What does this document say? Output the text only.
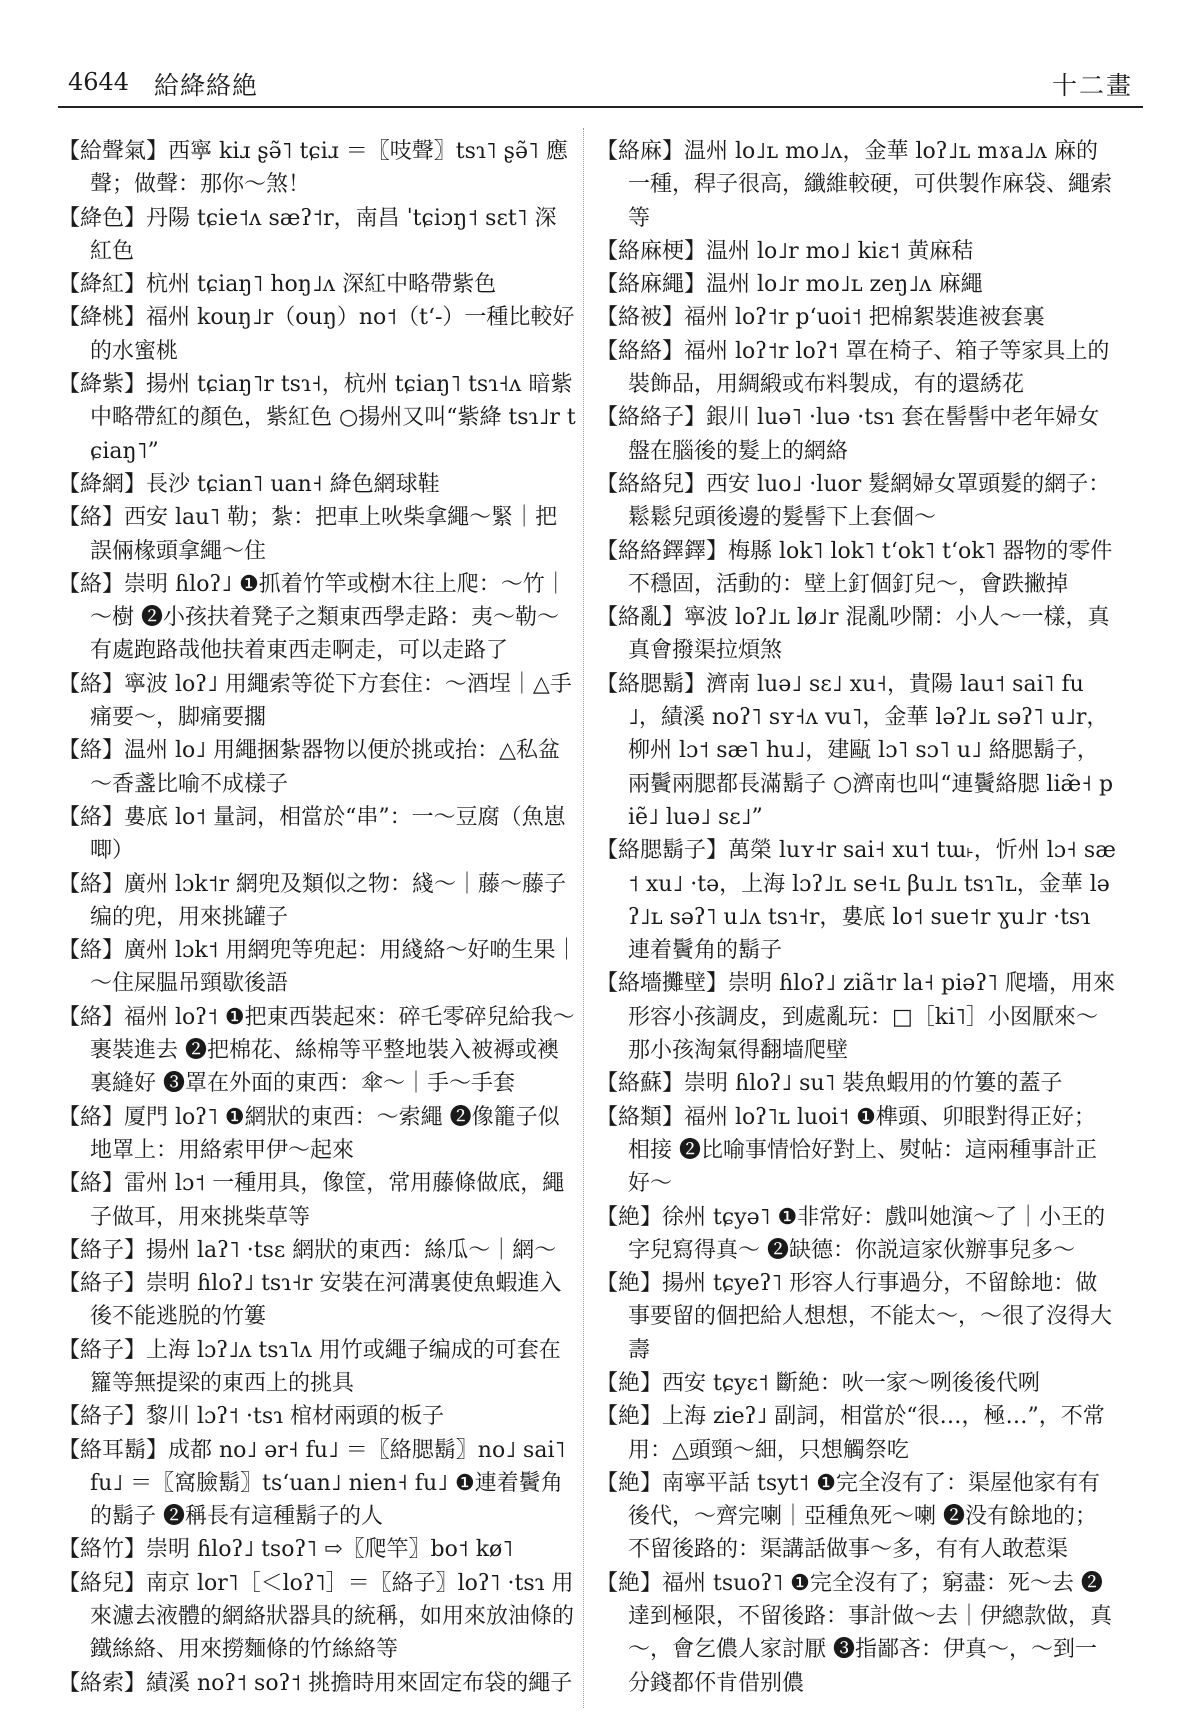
4644 給絳絡絶	十二畫

【給聲氣】西寧 kiɹ ʂə̃˥ tɕiɹ ＝〖吱聲〗tsɿ˥ ʂə̃˥ 應聲；做聲：那你～煞！

【絳色】丹陽 tɕie˦ʌ sæʔ˦r，南昌 ˈtɕiɔŋ˦ sɛt˥ 深紅色

【絳紅】杭州 tɕiaŋ˥ hoŋ˩ʌ 深紅中略帶紫色

【絳桃】福州 kouŋ˩r（ouŋ）no˦（tʻ-）一種比較好的水蜜桃

【絳紫】揚州 tɕiaŋ˥r tsɿ˧，杭州 tɕiaŋ˥ tsɿ˧ʌ 暗紫中略帶紅的顏色，紫紅色 ○揚州又叫“紫絳 tsɿ˩r tɕiaŋ˥”

【絳網】長沙 tɕian˥ uan˧ 絳色網球鞋

【絡】西安 lau˥ 勒；紮：把車上吙柴拿繩～緊｜把誤倆椽頭拿繩～住

【絡】崇明 ɦloʔ˩ ❶抓着竹竿或樹木往上爬：～竹｜～樹 ❷小孩扶着凳子之類東西學走路：夷～勒～有處跑路哉他扶着東西走啊走，可以走路了

【絡】寧波 loʔ˩ 用繩索等從下方套住：～酒埕｜△手痛要～，脚痛要擱

【絡】温州 lo˩ 用繩捆紮器物以便於挑或抬：△私盆～香盞比喻不成樣子

【絡】婁底 lo˦ 量詞，相當於“串”：一～豆腐（魚崽唧）

【絡】廣州 lɔk˦r 網兜及類似之物：綫～｜藤～藤子编的兜，用來挑罐子

【絡】廣州 lɔk˦ 用網兜等兜起：用綫絡～好啲生果｜～住屎腽吊頸歇後語

【絡】福州 loʔ˦ ❶把東西裝起來：碎乇零碎兒給我～裹裝進去 ❷把棉花、絲棉等平整地裝入被褥或襖裏縫好 ❸罩在外面的東西：傘～｜手～手套

【絡】厦門 loʔ˥ ❶網狀的東西：～索繩 ❷像籠子似地罩上：用絡索甲伊～起來

【絡】雷州 lɔ˦ 一種用具，像筐，常用藤條做底，繩子做耳，用來挑柴草等

【絡子】揚州 laʔ˥ ·tsɛ 網狀的東西：絲瓜～｜網～

【絡子】崇明 ɦloʔ˩ tsɿ˧r 安裝在河溝裏使魚蝦進入後不能逃脱的竹簍

【絡子】上海 lɔʔ˩ʌ tsɿ˥ʌ 用竹或繩子编成的可套在籮等無提梁的東西上的挑具

【絡子】黎川 lɔʔ˦ ·tsɿ 棺材兩頭的板子

【絡耳鬍】成都 no˩ ər˧ fu˩ ＝〖絡腮鬍〗no˩ sai˥ fu˩ ＝〖窩臉鬍〗tsʻuan˩ nien˧ fu˩ ❶連着鬢角的鬍子 ❷稱長有這種鬍子的人

【絡竹】崇明 ɦloʔ˩ tsoʔ˥ ⇨〖爬竿〗bo˦ kø˥

【絡兒】南京 lor˥［＜loʔ˥］＝〖絡子〗loʔ˥ ·tsɿ 用來濾去液體的網絡狀器具的統稱，如用來放油條的鐵絲絡、用來撈麵條的竹絲絡等

【絡索】績溪 noʔ˦ soʔ˦ 挑擔時用來固定布袋的繩子

【絡麻】温州 lo˩ʟ mo˩ʌ，金華 loʔ˩ʟ mɤa˩ʌ 麻的一種，稈子很高，纖維較硬，可供製作麻袋、繩索等

【絡麻梗】温州 lo˩r mo˩ kiɛ˦ 黄麻秸

【絡麻繩】温州 lo˩r mo˩ʟ zeŋ˩ʌ 麻繩

【絡被】福州 loʔ˦r pʻuoi˦ 把棉絮裝進被套裏

【絡絡】福州 loʔ˦r loʔ˦ 罩在椅子、箱子等家具上的裝飾品，用綢緞或布料製成，有的還綉花

【絡絡子】銀川 luə˥ ·luə ·tsɿ 套在髻髻中老年婦女盤在腦後的髮上的網絡

【絡絡兒】西安 luo˩ ·luor 髮網婦女罩頭髮的網子：鬆鬆兒頭後邊的髮髻下上套個～

【絡絡鐸鐸】梅縣 lok˥ lok˥ tʻok˥ tʻok˥ 器物的零件不穩固，活動的：壁上釘個釘兒～，會跌撇掉

【絡亂】寧波 loʔ˩ʟ lø˩r 混亂吵鬧：小人～一樣，真真會撥渠拉煩煞

【絡腮鬍】濟南 luə˩ sɛ˩ xu˧，貴陽 lau˦ sai˥ fu˩，績溪 noʔ˥ sʏ˧ʌ vu˥，金華 ləʔ˩ʟ səʔ˥ u˩r，柳州 lɔ˦ sæ˥ hu˩，建甌 lɔ˥ sɔ˥ u˩ 絡腮鬍子，兩鬢兩腮都長滿鬍子 ○濟南也叫“連鬢絡腮 liæ̃˧ piẽ˩ luə˩ sɛ˩”

【絡腮鬍子】萬榮 luʏ˧r sai˧ xu˦ tɯ˫，忻州 lɔ˧ sæ˦ xu˩ ·tə，上海 lɔʔ˩ʟ se˧ʟ βu˩ʟ tsɿ˥ʟ，金華 ləʔ˩ʟ səʔ˥ u˩ʌ tsɿ˧r，婁底 lo˦ sue˦r ɣu˩r ·tsɿ 連着鬢角的鬍子

【絡墻攤壁】崇明 ɦloʔ˩ ziã˦r la˧ piəʔ˥ 爬墻，用來形容小孩調皮，到處亂玩：□［ki˥］小囡厭來～那小孩淘氣得翻墙爬壁

【絡蘇】崇明 ɦloʔ˩ su˥ 裝魚蝦用的竹簍的蓋子

【絡類】福州 loʔ˥ʟ luoi˦ ❶榫頭、卯眼對得正好；相接 ❷比喻事情恰好對上、熨帖：這兩種事計正好～

【絶】徐州 tɕyə˥ ❶非常好：戲叫她演～了｜小王的字兒寫得真～ ❷缺德：你説這家伙辦事兒多～

【絶】揚州 tɕyeʔ˥ 形容人行事過分，不留餘地：做事要留的個把給人想想，不能太～，～很了沒得大壽

【絶】西安 tɕyɛ˦ 斷絶：吙一家～咧後後代咧

【絶】上海 zieʔ˩ 副詞，相當於“很…，極…”，不常用：△頭頸～細，只想觸祭吃

【絶】南寧平話 tsyt˦ ❶完全沒有了：渠屋他家有有後代，～齊完喇｜亞種魚死～喇 ❷没有餘地的；不留後路的：渠講話做事～多，有有人敢惹渠

【絶】福州 tsuoʔ˥ ❶完全沒有了；窮盡：死～去 ❷達到極限，不留後路：事計做～去｜伊總款做，真～，會乞儂人家討厭 ❸指鄙吝：伊真～，～到一分錢都伓肯借别儂
